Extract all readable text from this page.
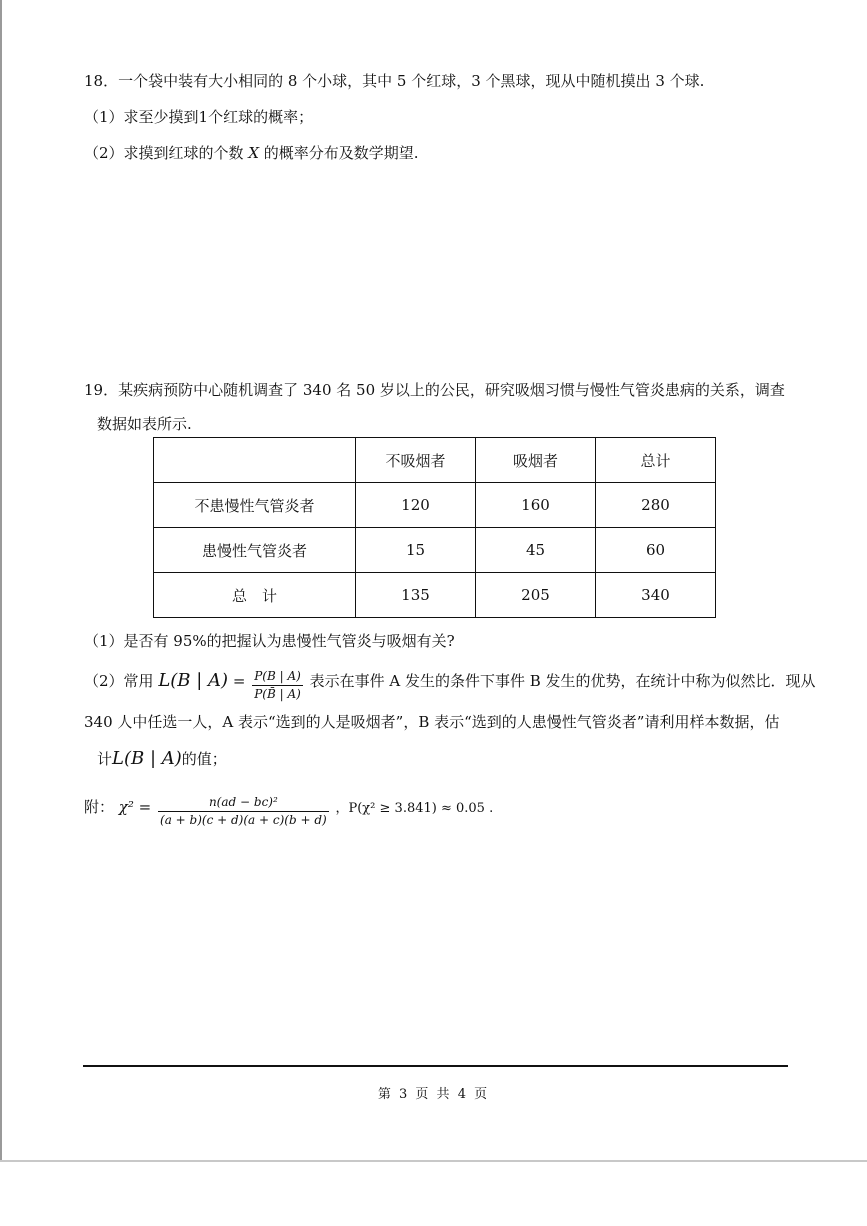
18．一个袋中装有大小相同的 8 个小球，其中 5 个红球，3 个黑球，现从中随机摸出 3 个球.
（1）求至少摸到1个红球的概率；
（2）求摸到红球的个数 X 的概率分布及数学期望.
19．某疾病预防中心随机调查了 340 名 50 岁以上的公民，研究吸烟习惯与慢性气管炎患病的关系，调查
数据如表所示.
	不吸烟者	吸烟者	总计
不患慢性气管炎者	120	160	280
患慢性气管炎者	15	45	60
总　计	135	205	340
（1）是否有 95%的把握认为患慢性气管炎与吸烟有关?
（2）常用 L(B | $A) = \frac{P(B | A)}{P(B̄ | A)}$ 表示在事件 A 发生的条件下事件 B 发生的优势，在统计中称为似然比．现从
340 人中任选一人，A 表示“选到的人是吸烟者”，B 表示“选到的人患慢性气管炎者”请利用样本数据，估
计L(B | A)的值；
附： $\chi^2 = \frac{\text{n(ad − bc)²}}{(a + b)(c + d)(a + c)(b + d)}$ ，P(χ² ≥ 3.841) ≈ 0.05 .
第 3 页 共 4 页
